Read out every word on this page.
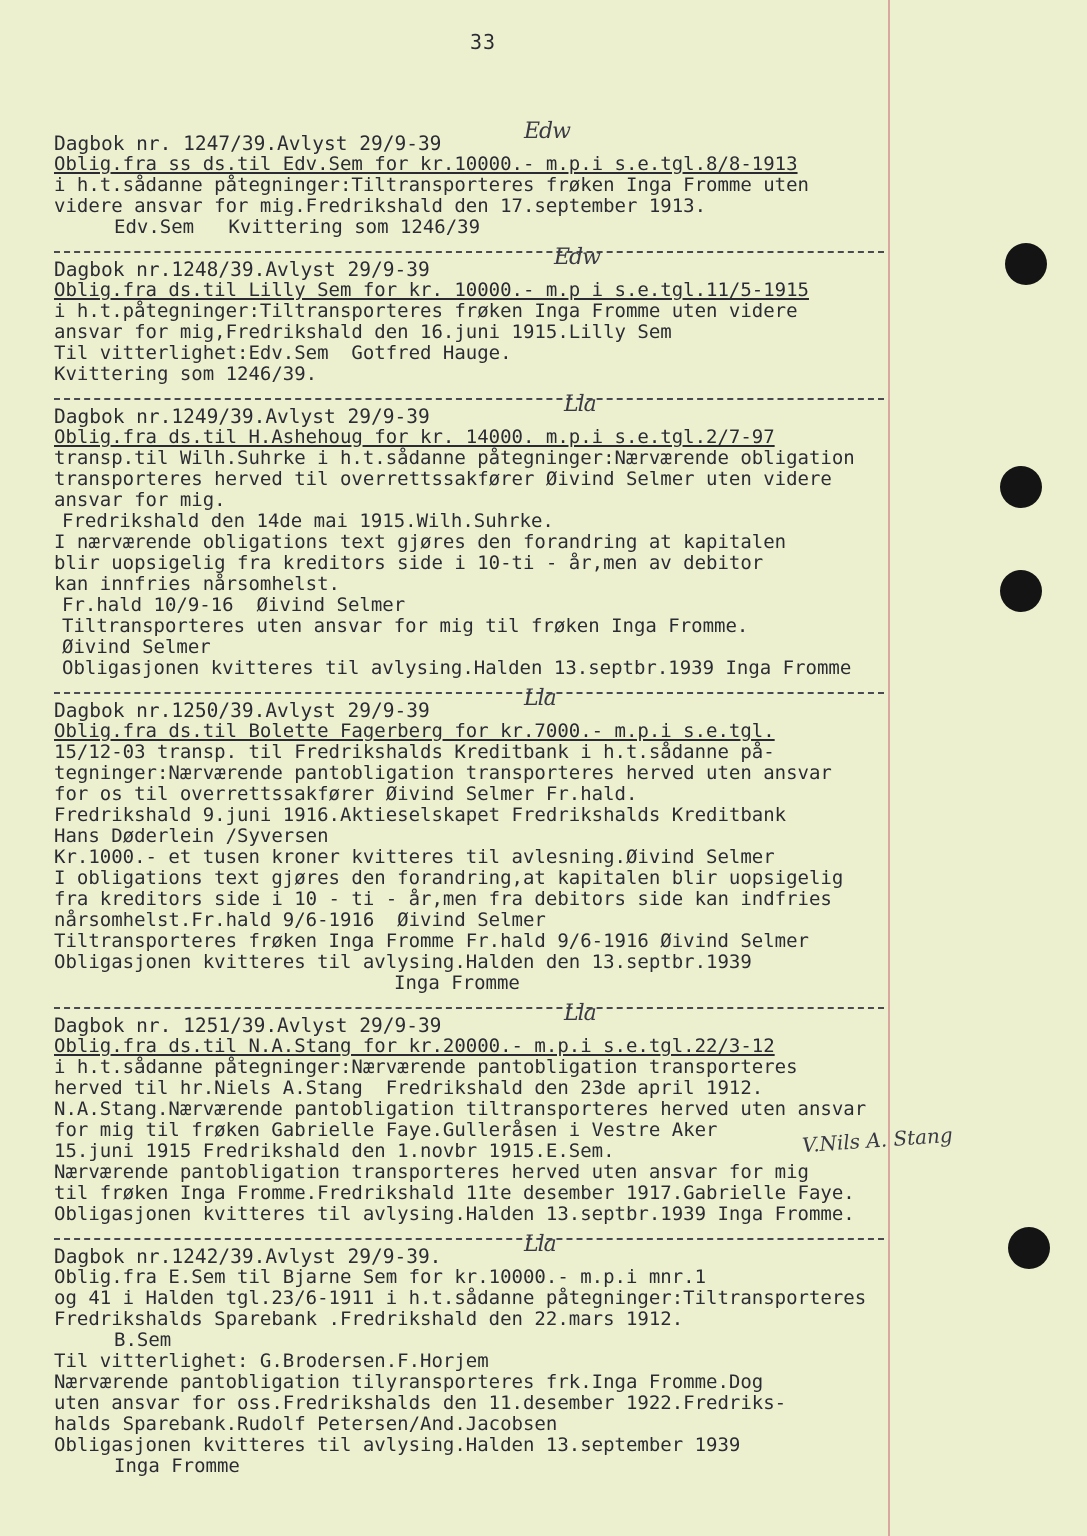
33
Dagbok nr. 1247/39.Avlyst 29/9-39
Oblig.fra ss ds.til Edv.Sem for kr.10000.- m.p.i s.e.tgl.8/8-1913
i h.t.sådanne påtegninger:Tiltransporteres frøken Inga Fromme uten
videre ansvar for mig.Fredrikshald den 17.september 1913.
Edv.Sem   Kvittering som 1246/39
Edw
Dagbok nr.1248/39.Avlyst 29/9-39
Oblig.fra ds.til Lilly Sem for kr. 10000.- m.p i s.e.tgl.11/5-1915
i h.t.påtegninger:Tiltransporteres frøken Inga Fromme uten videre
ansvar for mig,Fredrikshald den 16.juni 1915.Lilly Sem
Til vitterlighet:Edv.Sem  Gotfred Hauge.
Kvittering som 1246/39.
Edw
Dagbok nr.1249/39.Avlyst 29/9-39
Oblig.fra ds.til H.Ashehoug for kr. 14000. m.p.i s.e.tgl.2/7-97
transp.til Wilh.Suhrke i h.t.sådanne påtegninger:Nærværende obligation
transporteres herved til overrettssakfører Øivind Selmer uten videre
ansvar for mig.
Fredrikshald den 14de mai 1915.Wilh.Suhrke.
I nærværende obligations text gjøres den forandring at kapitalen
blir uopsigelig fra kreditors side i 10-ti - år,men av debitor
kan innfries nårsomhelst.
Fr.hald 10/9-16  Øivind Selmer
Tiltransporteres uten ansvar for mig til frøken Inga Fromme.
Øivind Selmer
Obligasjonen kvitteres til avlysing.Halden 13.septbr.1939 Inga Fromme
Lla
Dagbok nr.1250/39.Avlyst 29/9-39
Oblig.fra ds.til Bolette Fagerberg for kr.7000.- m.p.i s.e.tgl.
15/12-03 transp. til Fredrikshalds Kreditbank i h.t.sådanne på-
tegninger:Nærværende pantobligation transporteres herved uten ansvar
for os til overrettssakfører Øivind Selmer Fr.hald.
Fredrikshald 9.juni 1916.Aktieselskapet Fredrikshalds Kreditbank
Hans Døderlein /Syversen
Kr.1000.- et tusen kroner kvitteres til avlesning.Øivind Selmer
I obligations text gjøres den forandring,at kapitalen blir uopsigelig
fra kreditors side i 10 - ti - år,men fra debitors side kan indfries
nårsomhelst.Fr.hald 9/6-1916  Øivind Selmer
Tiltransporteres frøken Inga Fromme Fr.hald 9/6-1916 Øivind Selmer
Obligasjonen kvitteres til avlysing.Halden den 13.septbr.1939
Inga Fromme
Lla
Dagbok nr. 1251/39.Avlyst 29/9-39
Oblig.fra ds.til N.A.Stang for kr.20000.- m.p.i s.e.tgl.22/3-12
i h.t.sådanne påtegninger:Nærværende pantobligation transporteres
herved til hr.Niels A.Stang  Fredrikshald den 23de april 1912.
N.A.Stang.Nærværende pantobligation tiltransporteres herved uten ansvar
for mig til frøken Gabrielle Faye.Gulleråsen i Vestre Aker
15.juni 1915 Fredrikshald den 1.novbr 1915.E.Sem.
Nærværende pantobligation transporteres herved uten ansvar for mig
til frøken Inga Fromme.Fredrikshald 11te desember 1917.Gabrielle Faye.
Obligasjonen kvitteres til avlysing.Halden 13.septbr.1939 Inga Fromme.
Lla
Dagbok nr.1242/39.Avlyst 29/9-39.
Oblig.fra E.Sem til Bjarne Sem for kr.10000.- m.p.i mnr.1
og 41 i Halden tgl.23/6-1911 i h.t.sådanne påtegninger:Tiltransporteres
Fredrikshalds Sparebank .Fredrikshald den 22.mars 1912.
B.Sem
Til vitterlighet: G.Brodersen.F.Horjem
Nærværende pantobligation tilyransporteres frk.Inga Fromme.Dog
uten ansvar for oss.Fredrikshalds den 11.desember 1922.Fredriks-
halds Sparebank.Rudolf Petersen/And.Jacobsen
Obligasjonen kvitteres til avlysing.Halden 13.september 1939
Inga Fromme
Lla
V.Nils A. Stang
